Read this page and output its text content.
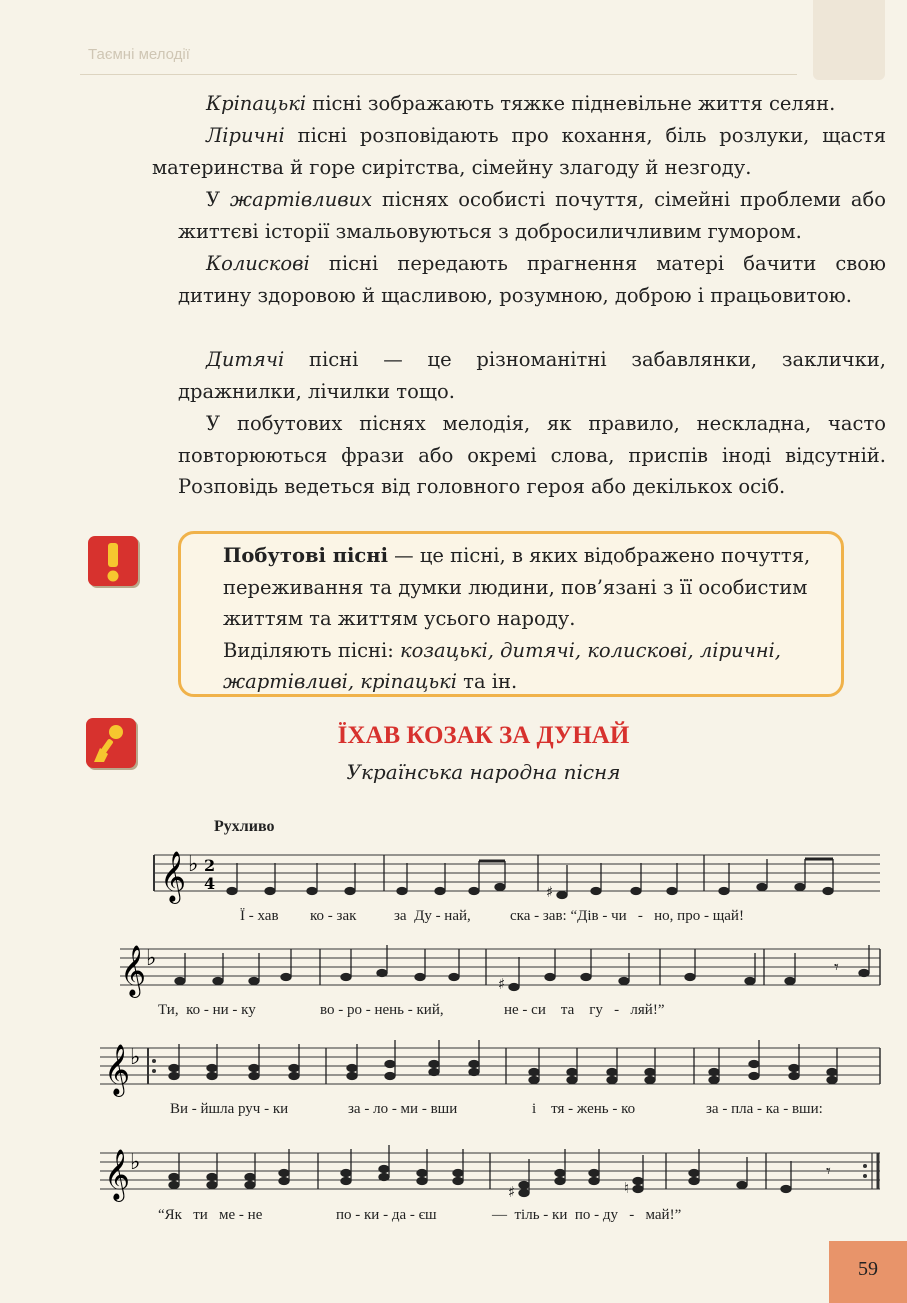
Таємні мелодії

Кріпацькі пісні зображають тяжке підневільне життя селян.

Ліричні пісні розповідають про кохання, біль розлуки, щастя материнства й горе сирітства, сімейну злагоду й незгоду.

У жартівливих піснях особисті почуття, сімейні проблеми або життєві історії змальовуються з добросиличливим гумором.

Колискові пісні передають прагнення матері бачити свою дитину здоровою й щасливою, розумною, доброю і працьовитою.

Дитячі пісні — це різноманітні забавлянки, заклички, дражнилки, лічилки тощо.

У побутових піснях мелодія, як правило, нескладна, часто повторюються фрази або окремі слова, приспів іноді відсутній. Розповідь ведеться від головного героя або декількох осіб.

Побутові пісні — це пісні, в яких відображено почуття, переживання та думки людини, пов’язані з її особистим життям та життям усього народу.

Виділяють пісні: козацькі, дитячі, колискові, ліричні, жартівливі, кріпацькі та ін.

ЇХАВ КОЗАК ЗА ДУНАЙ
Українська народна пісня
Рухливо
𝄞 ♭ 2
4	♯
Ї - хав ко - зак	за  Ду - най,	ска - зав: “Дів - чи   -   но, про - щай!
♯
𝄾
𝄞 ♭
Ти,  ко - ни - ку	во - ро - нень - кий,	не - си    та    гу   -   ляй!”
𝄞 ♭
Ви - йшла руч - ки	за - ло - ми - вши	і    тя - жень - ко	за - пла - ка - вши:
♯	♮
𝄾
𝄞 ♭
“Як   ти   ме - не	по - ки - да - єш	—  тіль - ки  по - ду   -   май!”
59
